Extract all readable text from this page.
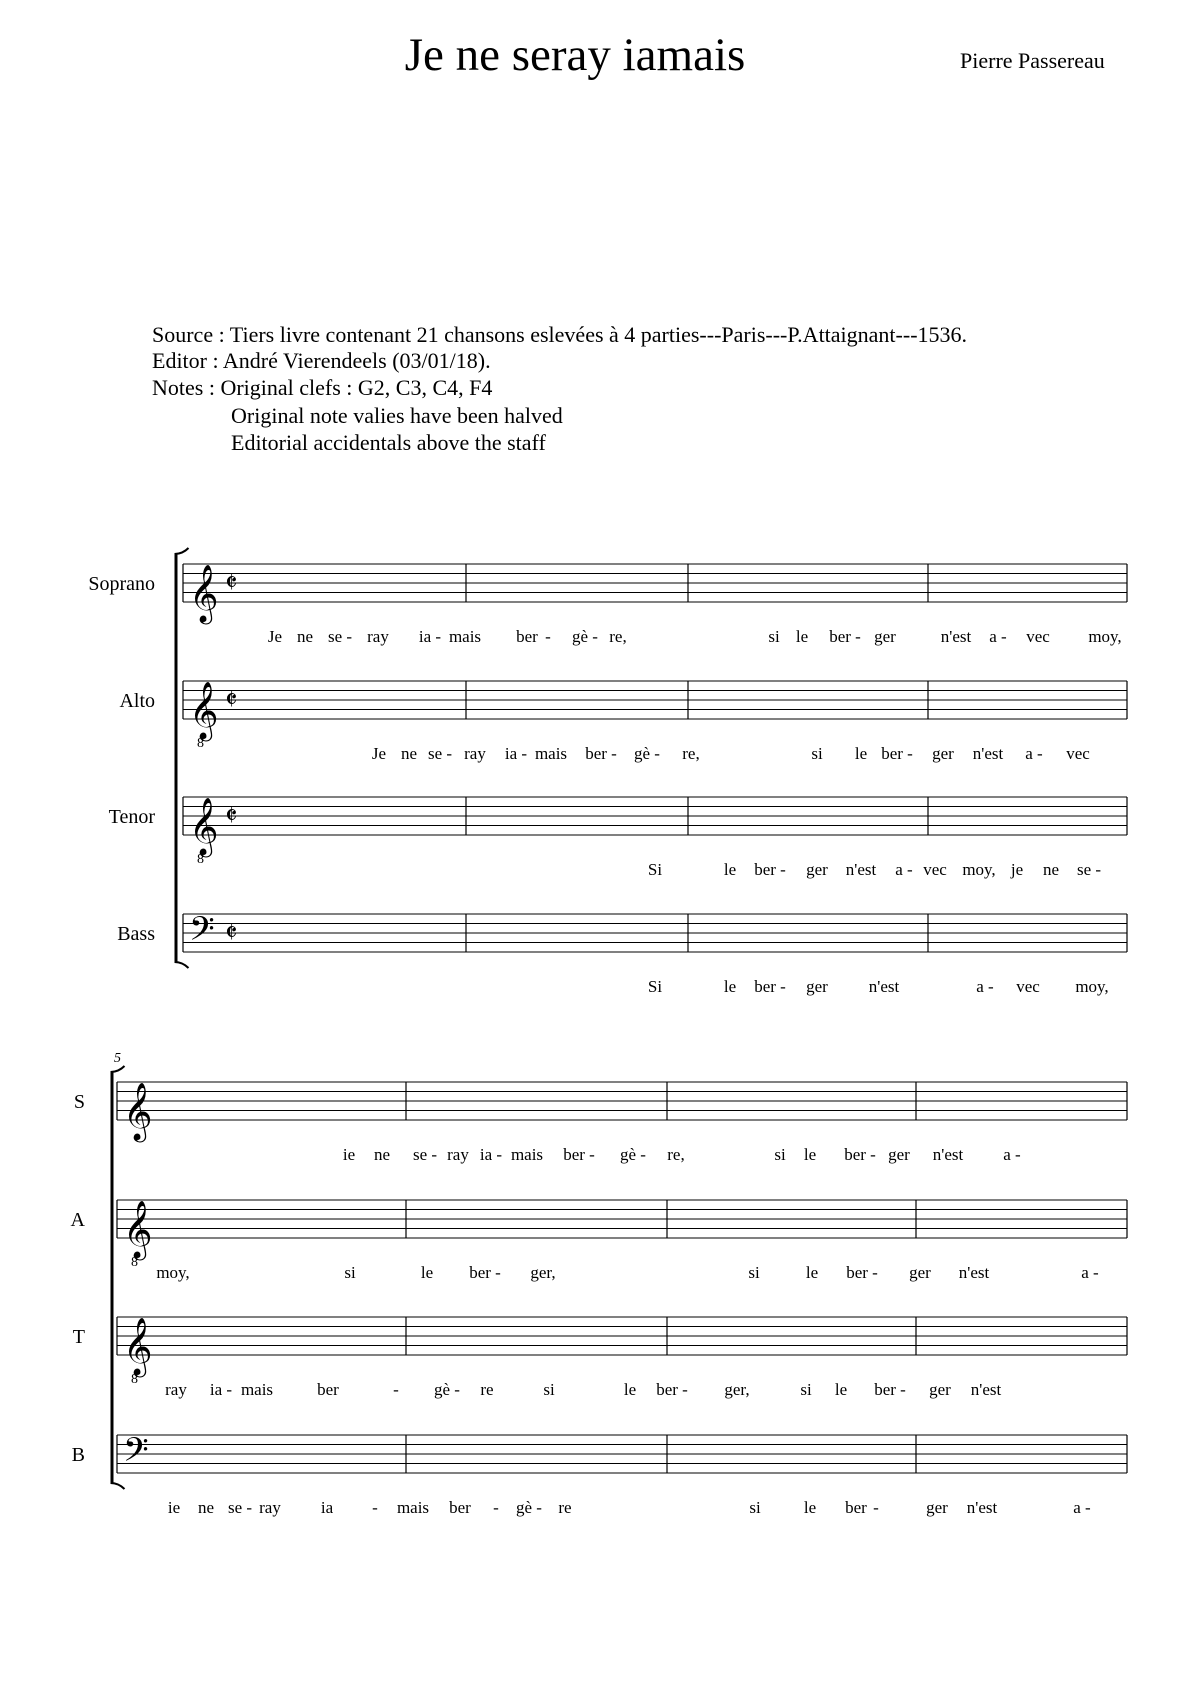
Je ne seray iamais	Pierre Passereau
Source : Tiers livre contenant 21 chansons eslevées à 4 parties---Paris---P.Attaignant---1536.
Editor : André Vierendeels (03/01/18).
Notes : Original clefs : G2, C3, C4, F4
Original note valies have been halved
Editorial accidentals above the staff
Soprano 𝄞 𝄵
Je ne se - ray ia - mais ber - gè - re,	si le ber - ger	n'est a - vec moy,
Alto 𝄞
8
𝄵
Je ne se - ray ia - mais ber - gè - re,	si le ber - ger n'est a - vec
Tenor 𝄞
8
𝄵
Si	le ber - ger n'est a - vec moy, je ne se -
Bass 𝄢 𝄵
Si	le ber - ger n'est	a - vec moy,
5
S 𝄞
ie ne se - ray ia - mais ber - gè - re,	si le ber - ger n'est a -
A 𝄞
8
moy,	si	le ber - ger,	si	le ber - ger n'est	a -
T 𝄞
8
ray ia - mais	ber	- gè - re	si	le ber - ger,	si le ber - ger n'est
B 𝄢
ie ne se - ray ia - mais ber - gè - re	si	le ber -	ger n'est	a -
